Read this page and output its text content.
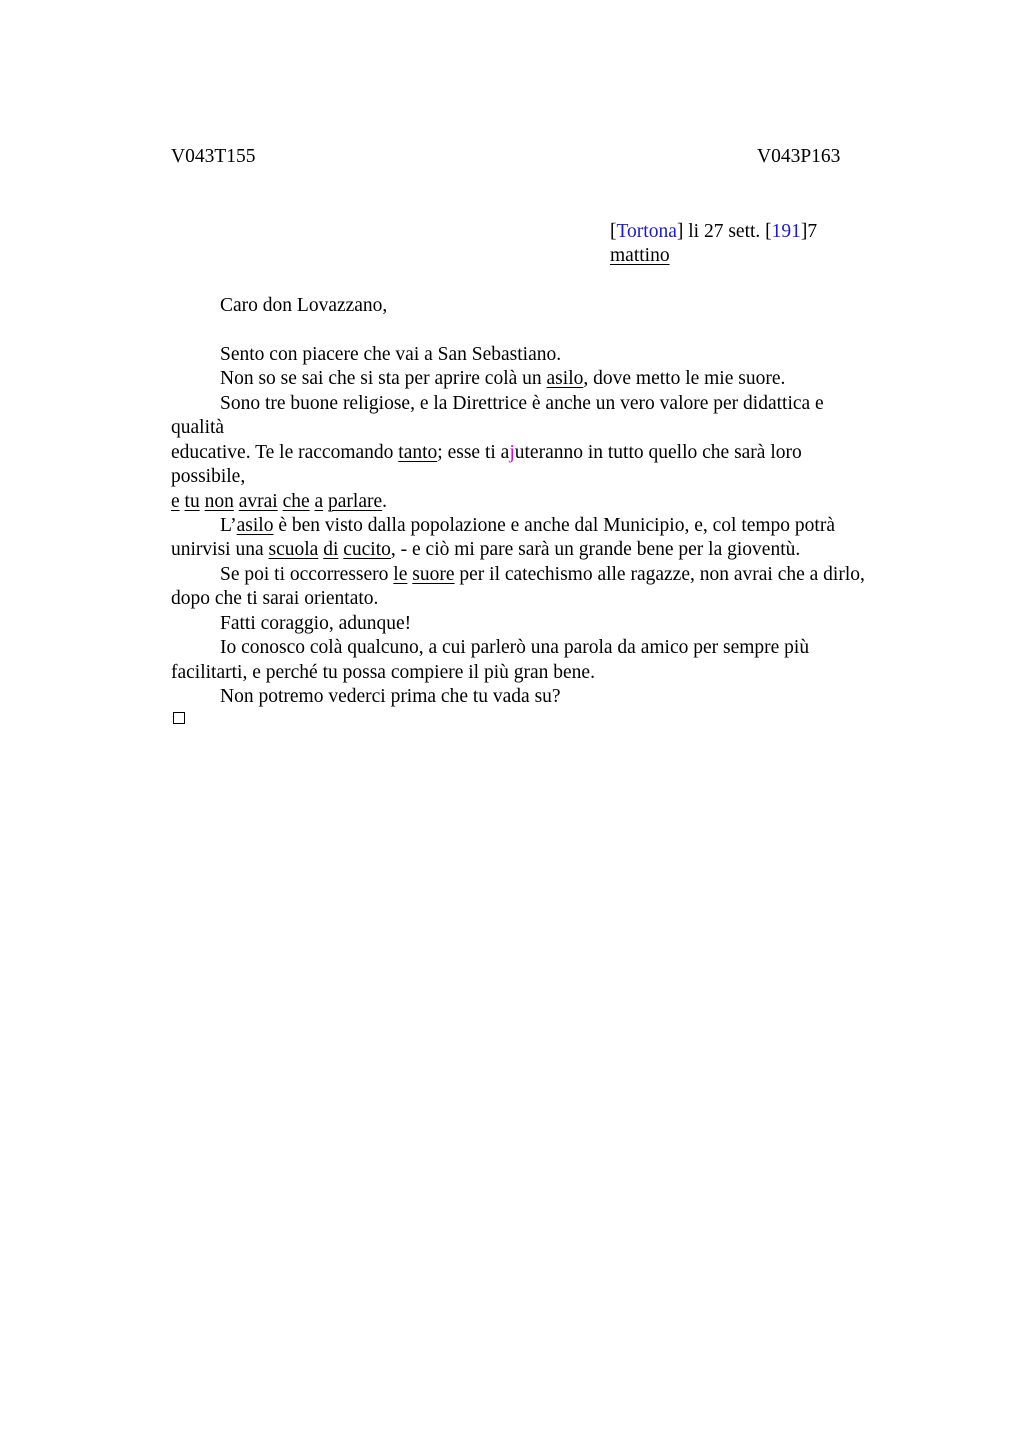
V043T155	V043P163
[Tortona] li 27 sett. [191]7
mattino
Caro don Lovazzano,
Sento con piacere che vai a San Sebastiano.
Non so se sai che si sta per aprire colà un asilo, dove metto le mie suore.
Sono tre buone religiose, e la Direttrice è anche un vero valore per didattica e
qualità
educative. Te le raccomando tanto; esse ti ajuteranno in tutto quello che sarà loro
possibile,
e tu non avrai che a parlare.
L’asilo è ben visto dalla popolazione e anche dal Municipio, e, col tempo potrà
unirvisi una scuola di cucito, - e ciò mi pare sarà un grande bene per la gioventù.
Se poi ti occorressero le suore per il catechismo alle ragazze, non avrai che a dirlo,
dopo che ti sarai orientato.
Fatti coraggio, adunque!
Io conosco colà qualcuno, a cui parlerò una parola da amico per sempre più
facilitarti, e perché tu possa compiere il più gran bene.
Non potremo vederci prima che tu vada su?
